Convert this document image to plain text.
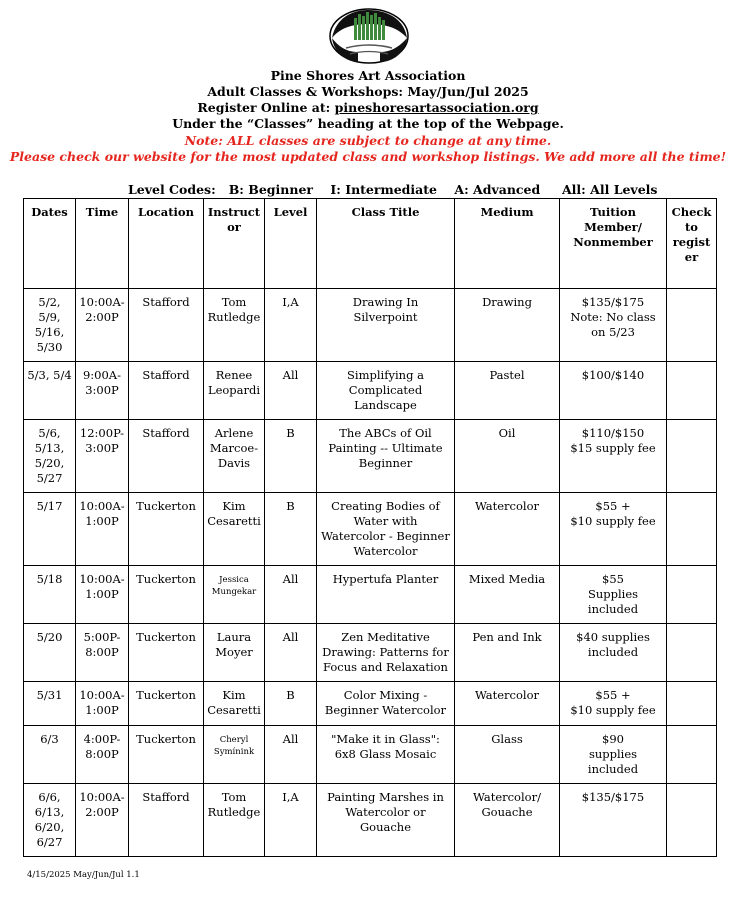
Pine Shores Art Association
Adult Classes & Workshops: May/Jun/Jul 2025
Register Online at: pineshoresartassociation.org
Under the “Classes” heading at the top of the Webpage.
Note: ALL classes are subject to change at any time.
Please check our website for the most updated class and workshop listings. We add more all the time!
Level Codes:   B: Beginner    I: Intermediate    A: Advanced     All: All Levels
Dates	Time	Location	Instruct or	Level	Class Title	Medium	Tuition Member/ Nonmember	Check to regist er
5/2, 5/9, 5/16, 5/30	10:00A-2:00P	Stafford	Tom Rutledge	I,A	Drawing In Silverpoint	Drawing	$135/$175
Note: No class on 5/23	
5/3, 5/4	9:00A-3:00P	Stafford	Renee Leopardi	All	Simplifying a Complicated Landscape	Pastel	$100/$140	
5/6, 5/13, 5/20, 5/27	12:00P-3:00P	Stafford	Arlene Marcoe-Davis	B	The ABCs of Oil Painting -- Ultimate Beginner	Oil	$110/$150
$15 supply fee	
5/17	10:00A-1:00P	Tuckerton	Kim Cesaretti	B	Creating Bodies of Water with Watercolor - Beginner Watercolor	Watercolor	$55 +
$10 supply fee	
5/18	10:00A-1:00P	Tuckerton	Jessica Mungekar	All	Hypertufa Planter	Mixed Media	$55
Supplies included	
5/20	5:00P-8:00P	Tuckerton	Laura Moyer	All	Zen Meditative Drawing: Patterns for Focus and Relaxation	Pen and Ink	$40 supplies included	
5/31	10:00A-1:00P	Tuckerton	Kim Cesaretti	B	Color Mixing - Beginner Watercolor	Watercolor	$55 +
$10 supply fee	
6/3	4:00P-8:00P	Tuckerton	Cheryl Symínink	All	"Make it in Glass": 6x8 Glass Mosaic	Glass	$90
supplies included	
6/6, 6/13, 6/20, 6/27	10:00A-2:00P	Stafford	Tom Rutledge	I,A	Painting Marshes in Watercolor or Gouache	Watercolor/ Gouache	$135/$175	
4/15/2025 May/Jun/Jul 1.1
